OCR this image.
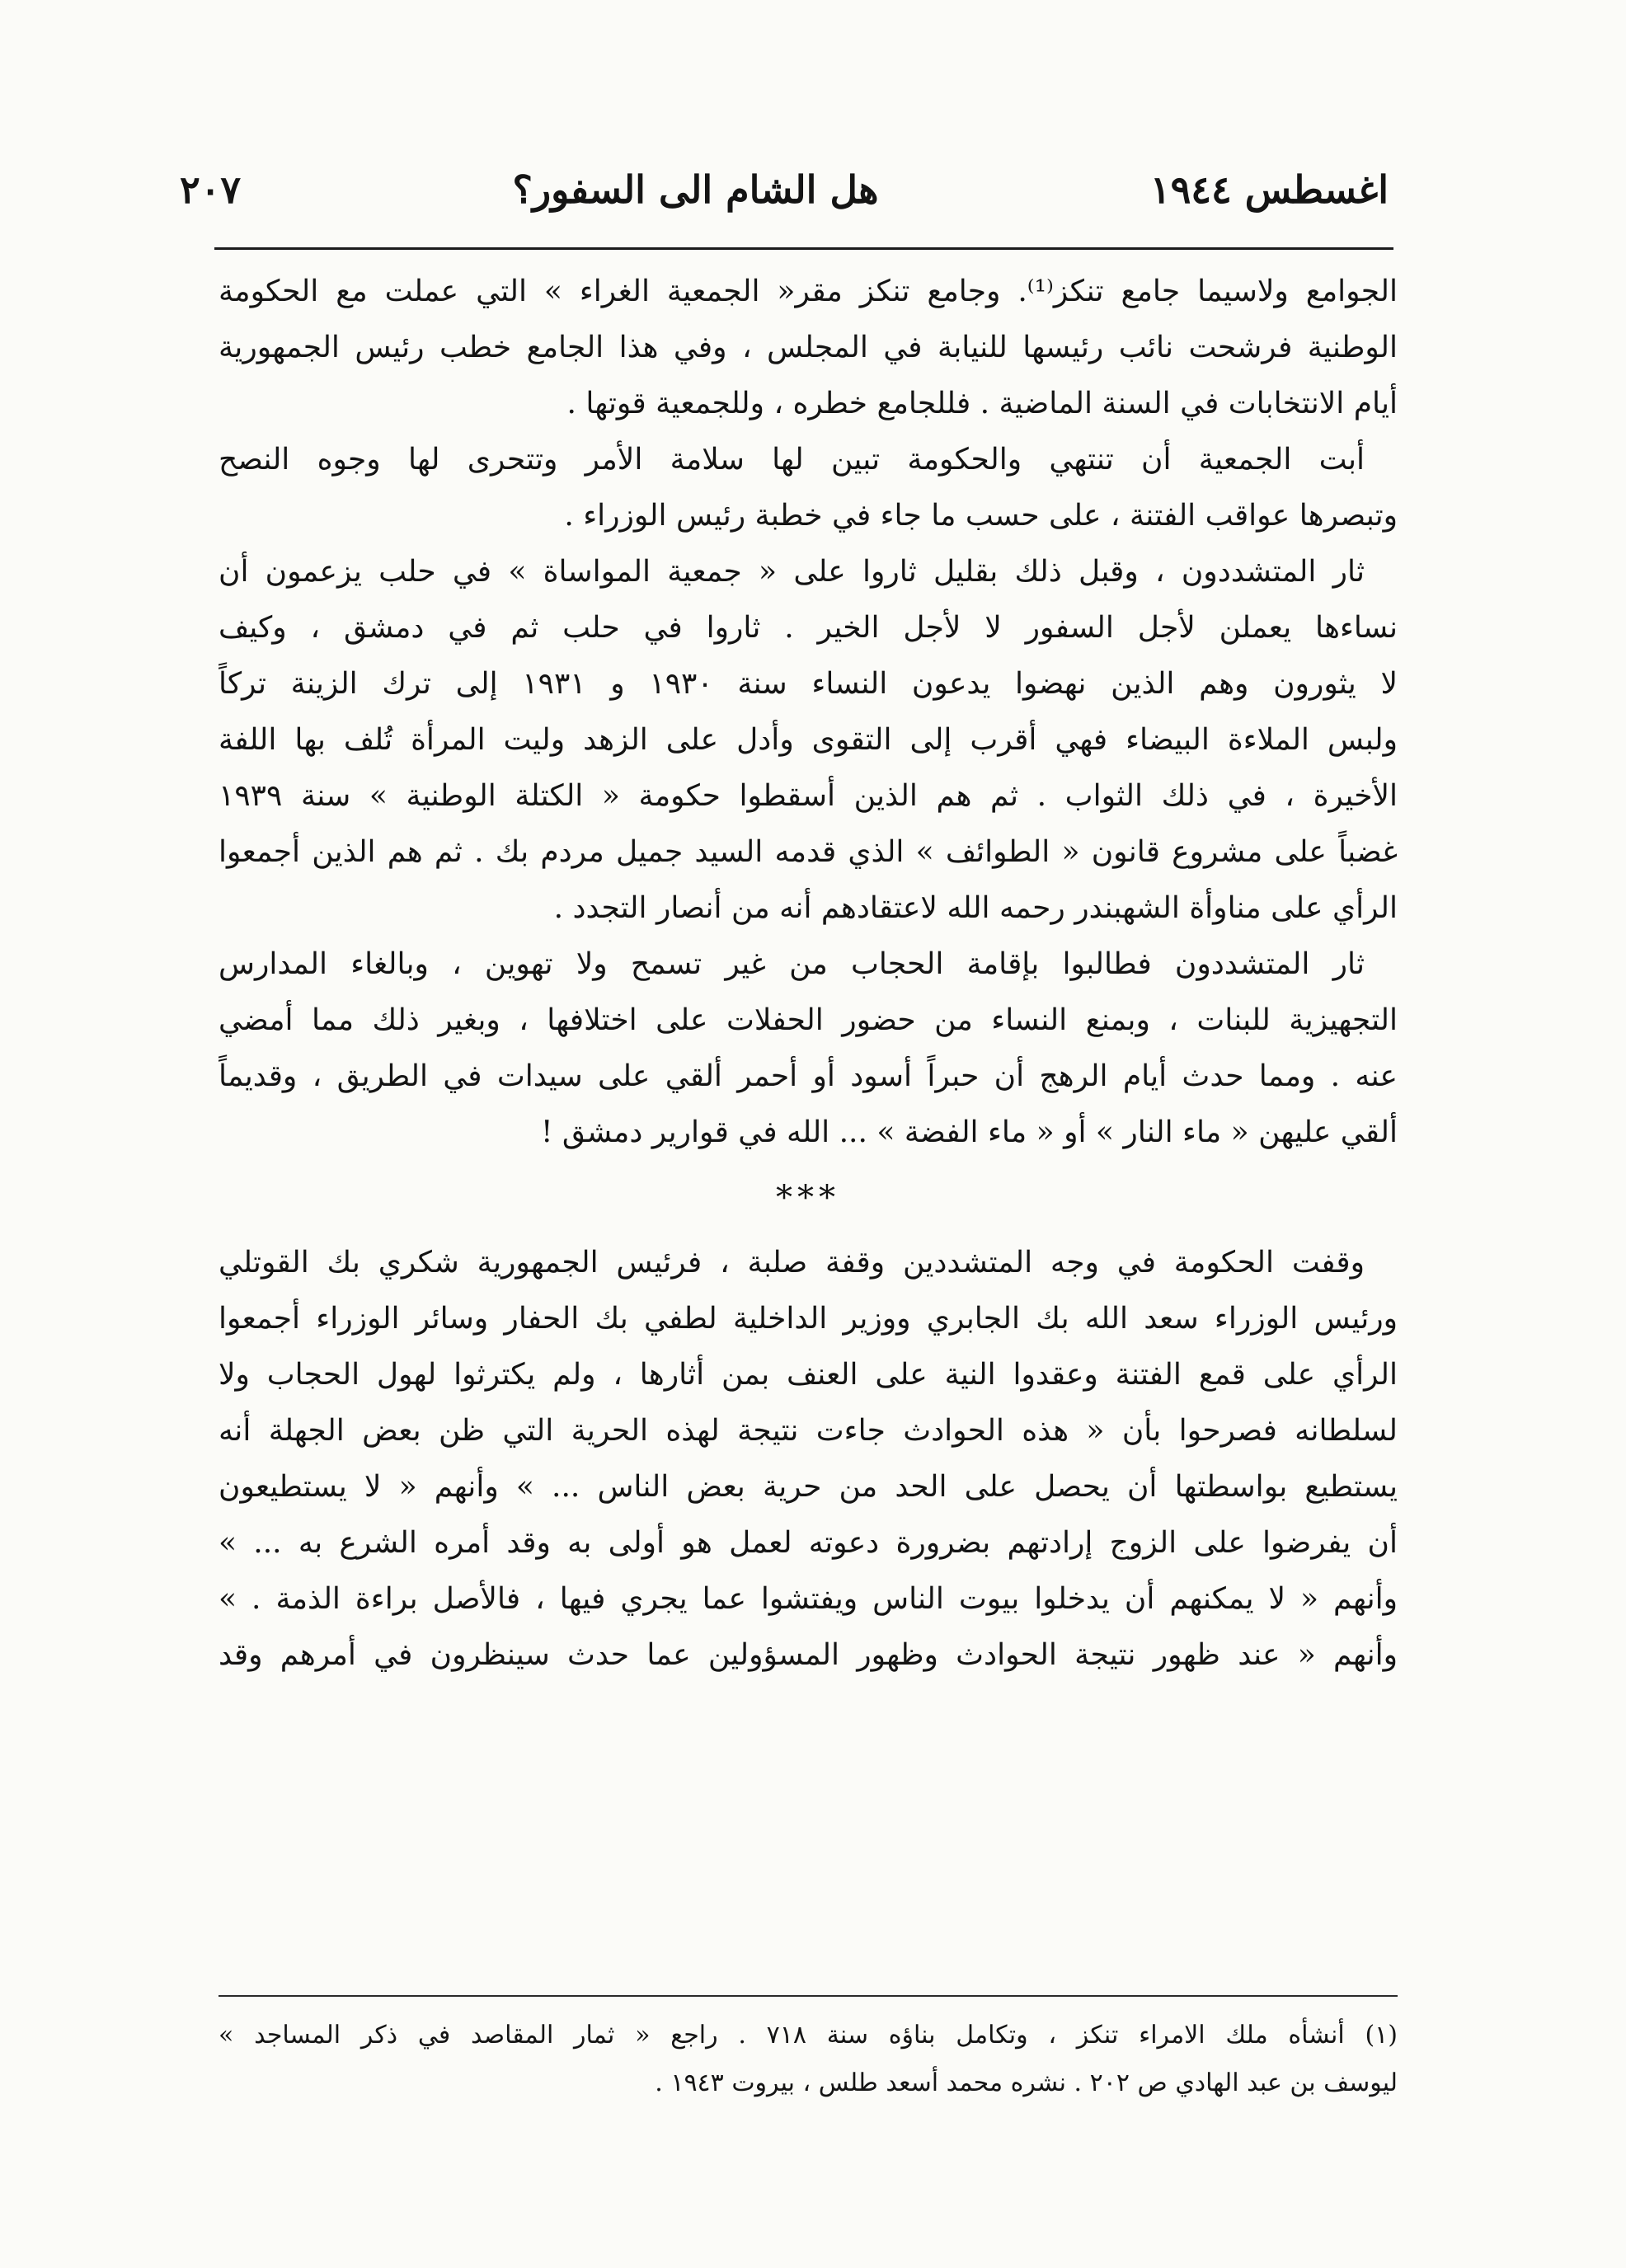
اغسطس ١٩٤٤
هل الشام الى السفور؟
٢٠٧
الجوامع ولاسيما جامع تنكز⁽¹⁾. وجامع تنكز مقر« الجمعية الغراء » التي عملت مع الحكومة
الوطنية فرشحت نائب رئيسها للنيابة في المجلس ، وفي هذا الجامع خطب رئيس الجمهورية
أيام الانتخابات في السنة الماضية . فللجامع خطره ، وللجمعية قوتها .
أبت الجمعية أن تنتهي والحكومة تبين لها سلامة الأمر وتتحرى لها وجوه النصح
وتبصرها عواقب الفتنة ، على حسب ما جاء في خطبة رئيس الوزراء .
ثار المتشددون ، وقبل ذلك بقليل ثاروا على « جمعية المواساة » في حلب يزعمون أن
نساءها يعملن لأجل السفور لا لأجل الخير . ثاروا في حلب ثم في دمشق ، وكيف
لا يثورون وهم الذين نهضوا يدعون النساء سنة ١٩٣٠ و ١٩٣١ إلى ترك الزينة تركاً
ولبس الملاءة البيضاء فهي أقرب إلى التقوى وأدل على الزهد وليت المرأة تُلف بها اللفة
الأخيرة ، في ذلك الثواب . ثم هم الذين أسقطوا حكومة « الكتلة الوطنية » سنة ١٩٣٩
غضباً على مشروع قانون « الطوائف » الذي قدمه السيد جميل مردم بك . ثم هم الذين أجمعوا
الرأي على مناوأة الشهبندر رحمه الله لاعتقادهم أنه من أنصار التجدد .
ثار المتشددون فطالبوا بإقامة الحجاب من غير تسمح ولا تهوين ، وبالغاء المدارس
التجهيزية للبنات ، وبمنع النساء من حضور الحفلات على اختلافها ، وبغير ذلك مما أمضي
عنه . ومما حدث أيام الرهج أن حبراً أسود أو أحمر ألقي على سيدات في الطريق ، وقديماً
ألقي عليهن « ماء النار » أو « ماء الفضة » ... الله في قوارير دمشق !
***
وقفت الحكومة في وجه المتشددين وقفة صلبة ، فرئيس الجمهورية شكري بك القوتلي
ورئيس الوزراء سعد الله بك الجابري ووزير الداخلية لطفي بك الحفار وسائر الوزراء أجمعوا
الرأي على قمع الفتنة وعقدوا النية على العنف بمن أثارها ، ولم يكترثوا لهول الحجاب ولا
لسلطانه فصرحوا بأن « هذه الحوادث جاءت نتيجة لهذه الحرية التي ظن بعض الجهلة أنه
يستطيع بواسطتها أن يحصل على الحد من حرية بعض الناس ... » وأنهم « لا يستطيعون
أن يفرضوا على الزوج إرادتهم بضرورة دعوته لعمل هو أولى به وقد أمره الشرع به ... »
وأنهم « لا يمكنهم أن يدخلوا بيوت الناس ويفتشوا عما يجري فيها ، فالأصل براءة الذمة . »
وأنهم « عند ظهور نتيجة الحوادث وظهور المسؤولين عما حدث سينظرون في أمرهم وقد
(١) أنشأه ملك الامراء تنكز ، وتكامل بناؤه سنة ٧١٨ . راجع « ثمار المقاصد في ذكر المساجد »
ليوسف بن عبد الهادي ص ٢٠٢ . نشره محمد أسعد طلس ، بيروت ١٩٤٣ .
